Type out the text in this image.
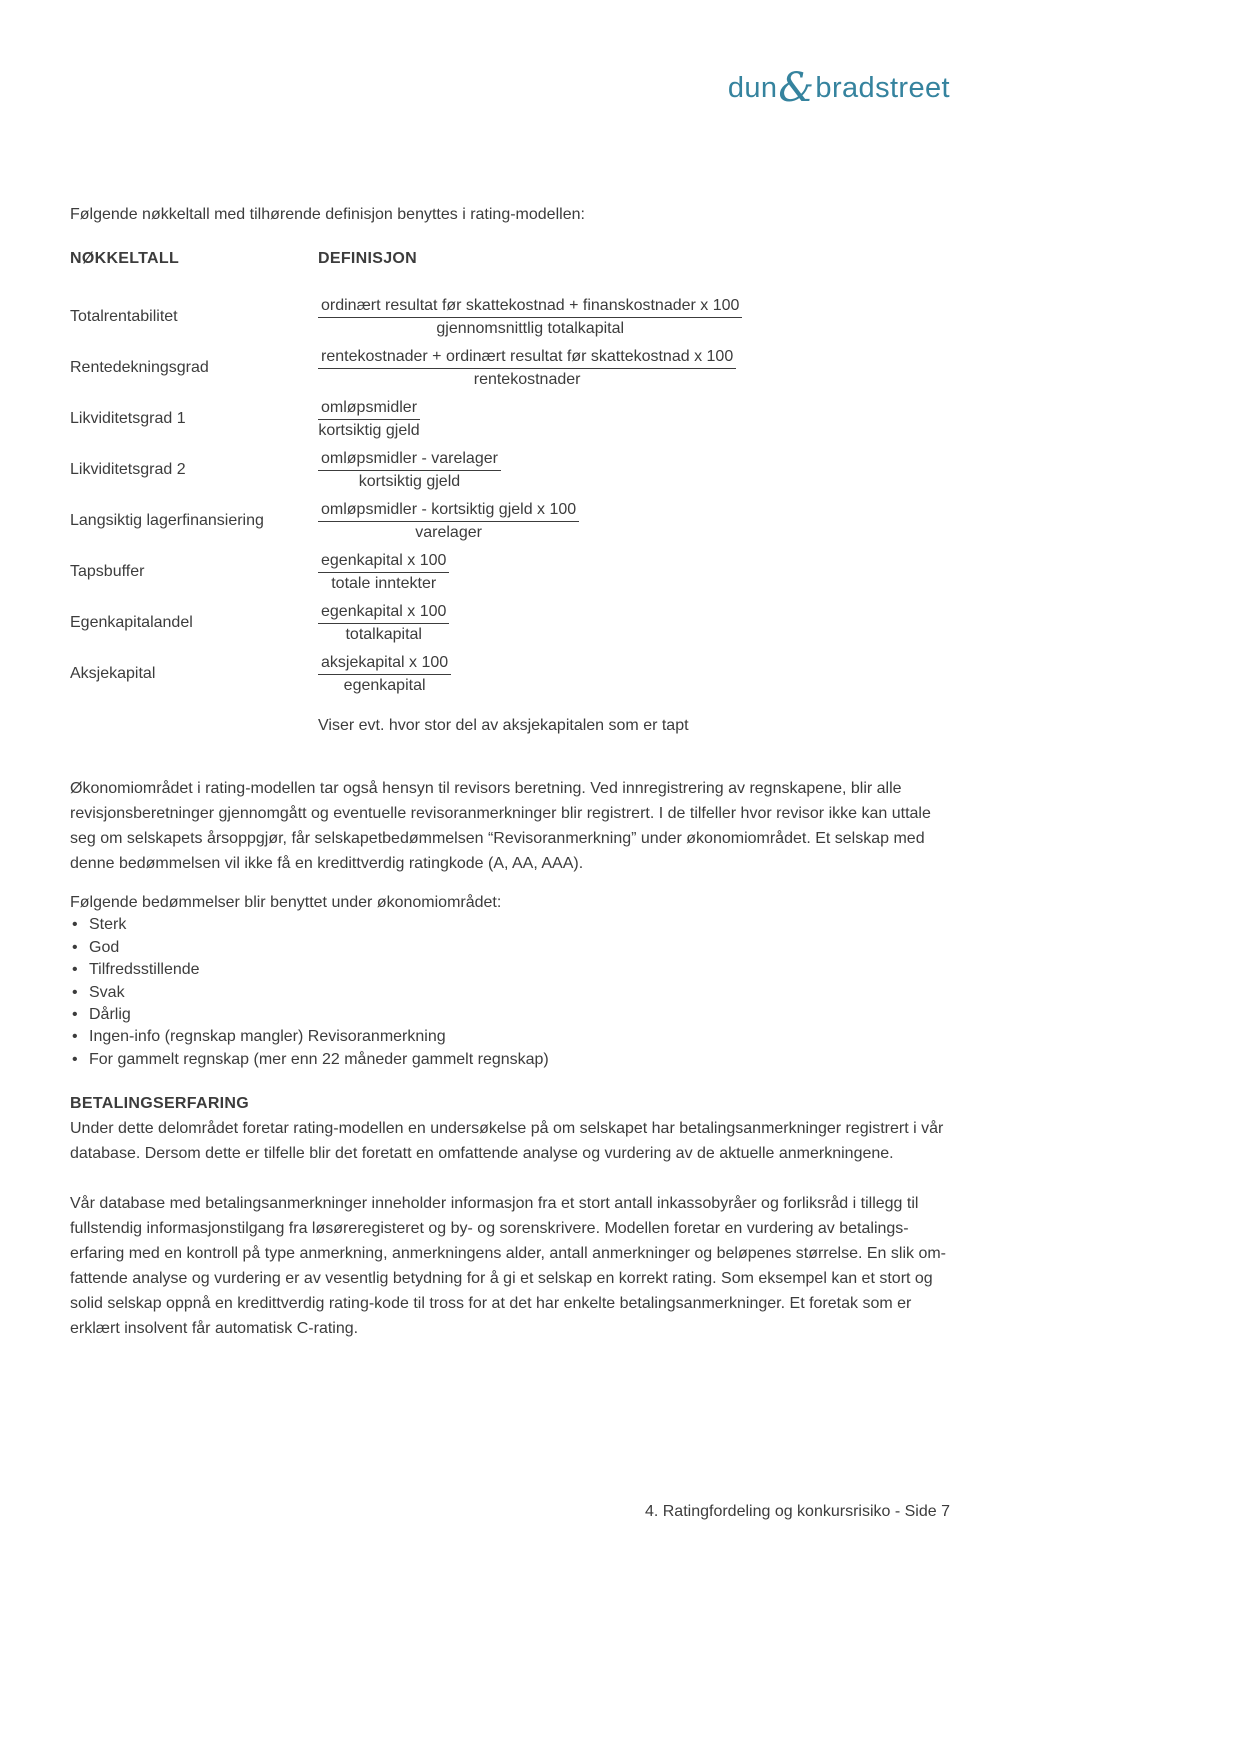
dun&bradstreet

Følgende nøkkeltall med tilhørende definisjon benyttes i rating-modellen:

NØKKELTALL	DEFINISJON
Totalrentabilitet	$\frac{\text{ordinært resultat før skattekostnad + finanskostnader x 100}}{\text{gjennomsnittlig totalkapital}}$
Rentedekningsgrad	$\frac{\text{rentekostnader + ordinært resultat før skattekostnad x 100}}{\text{rentekostnader}}$
Likviditetsgrad 1	$\frac{\text{omløpsmidler}}{\text{kortsiktig gjeld}}$
Likviditetsgrad 2	$\frac{\text{omløpsmidler - varelager}}{\text{kortsiktig gjeld}}$
Langsiktig lagerfinansiering	$\frac{\text{omløpsmidler - kortsiktig gjeld x 100}}{\text{varelager}}$
Tapsbuffer	$\frac{\text{egenkapital x 100}}{\text{totale inntekter}}$
Egenkapitalandel	$\frac{\text{egenkapital x 100}}{\text{totalkapital}}$
Aksjekapital	$\frac{\text{aksjekapital x 100}}{\text{egenkapital}}$

Viser evt. hvor stor del av aksjekapitalen som er tapt

Økonomiområdet i rating-modellen tar også hensyn til revisors beretning. Ved innregistrering av regnskapene, blir alle revisjonsberetninger gjennomgått og eventuelle revisoranmerkninger blir registrert. I de tilfeller hvor revisor ikke kan uttale seg om selskapets årsoppgjør, får selskapetbedømmelsen “Revisoranmerkning” under økonomiområdet. Et selskap med denne bedømmelsen vil ikke få en kredittverdig ratingkode (A, AA, AAA).

Følgende bedømmelser blir benyttet under økonomiområdet:

• Sterk
• God
• Tilfredsstillende
• Svak
• Dårlig
• Ingen-info (regnskap mangler) Revisoranmerkning
• For gammelt regnskap (mer enn 22 måneder gammelt regnskap)
BETALINGSERFARING

Under dette delområdet foretar rating-modellen en undersøkelse på om selskapet har betalingsanmerkninger registrert i vår database. Dersom dette er tilfelle blir det foretatt en omfattende analyse og vurdering av de aktuelle anmerkningene.

Vår database med betalingsanmerkninger inneholder informasjon fra et stort antall inkassobyråer og forliksråd i tillegg til fullstendig informasjonstilgang fra løsøreregisteret og by- og sorenskrivere. Modellen foretar en vurdering av betalings- erfaring med en kontroll på type anmerkning, anmerkningens alder, antall anmerkninger og beløpenes størrelse. En slik om- fattende analyse og vurdering er av vesentlig betydning for å gi et selskap en korrekt rating. Som eksempel kan et stort og solid selskap oppnå en kredittverdig rating-kode til tross for at det har enkelte betalingsanmerkninger. Et foretak som er erklært insolvent får automatisk C-rating.

4. Ratingfordeling og konkursrisiko - Side 7
